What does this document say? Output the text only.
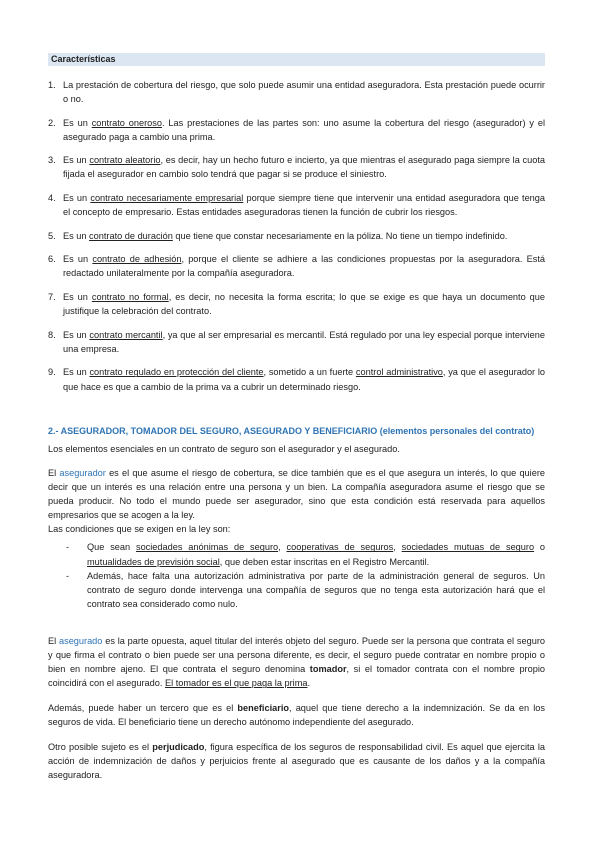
Características
1. La prestación de cobertura del riesgo, que solo puede asumir una entidad aseguradora. Esta prestación puede ocurrir o no.
2. Es un contrato oneroso. Las prestaciones de las partes son: uno asume la cobertura del riesgo (asegurador) y el asegurado paga a cambio una prima.
3. Es un contrato aleatorio, es decir, hay un hecho futuro e incierto, ya que mientras el asegurado paga siempre la cuota fijada el asegurador en cambio solo tendrá que pagar si se produce el siniestro.
4. Es un contrato necesariamente empresarial porque siempre tiene que intervenir una entidad aseguradora que tenga el concepto de empresario. Estas entidades aseguradoras tienen la función de cubrir los riesgos.
5. Es un contrato de duración que tiene que constar necesariamente en la póliza. No tiene un tiempo indefinido.
6. Es un contrato de adhesión, porque el cliente se adhiere a las condiciones propuestas por la aseguradora. Está redactado unilateralmente por la compañía aseguradora.
7. Es un contrato no formal, es decir, no necesita la forma escrita; lo que se exige es que haya un documento que justifique la celebración del contrato.
8. Es un contrato mercantil, ya que al ser empresarial es mercantil. Está regulado por una ley especial porque interviene una empresa.
9. Es un contrato regulado en protección del cliente, sometido a un fuerte control administrativo, ya que el asegurador lo que hace es que a cambio de la prima va a cubrir un determinado riesgo.
2.- ASEGURADOR, TOMADOR DEL SEGURO, ASEGURADO Y BENEFICIARIO (elementos personales del contrato)

Los elementos esenciales en un contrato de seguro son el asegurador y el asegurado.

El asegurador es el que asume el riesgo de cobertura, se dice también que es el que asegura un interés, lo que quiere decir que un interés es una relación entre una persona y un bien. La compañía aseguradora asume el riesgo que se pueda producir. No todo el mundo puede ser asegurador, sino que esta condición está reservada para aquellos empresarios que se acogen a la ley.

Las condiciones que se exigen en la ley son:

-	Que sean sociedades anónimas de seguro, cooperativas de seguros, sociedades mutuas de seguro o mutualidades de previsión social, que deben estar inscritas en el Registro Mercantil.
-	Además, hace falta una autorización administrativa por parte de la administración general de seguros. Un contrato de seguro donde intervenga una compañía de seguros que no tenga esta autorización hará que el contrato sea considerado como nulo.

El asegurado es la parte opuesta, aquel titular del interés objeto del seguro. Puede ser la persona que contrata el seguro y que firma el contrato o bien puede ser una persona diferente, es decir, el seguro puede contratar en nombre propio o bien en nombre ajeno. El que contrata el seguro denomina tomador, si el tomador contrata con el nombre propio coincidirá con el asegurado. El tomador es el que paga la prima.

Además, puede haber un tercero que es el beneficiario, aquel que tiene derecho a la indemnización. Se da en los seguros de vida. El beneficiario tiene un derecho autónomo independiente del asegurado.

Otro posible sujeto es el perjudicado, figura específica de los seguros de responsabilidad civil. Es aquel que ejercita la acción de indemnización de daños y perjuicios frente al asegurado que es causante de los daños y a la compañía aseguradora.
